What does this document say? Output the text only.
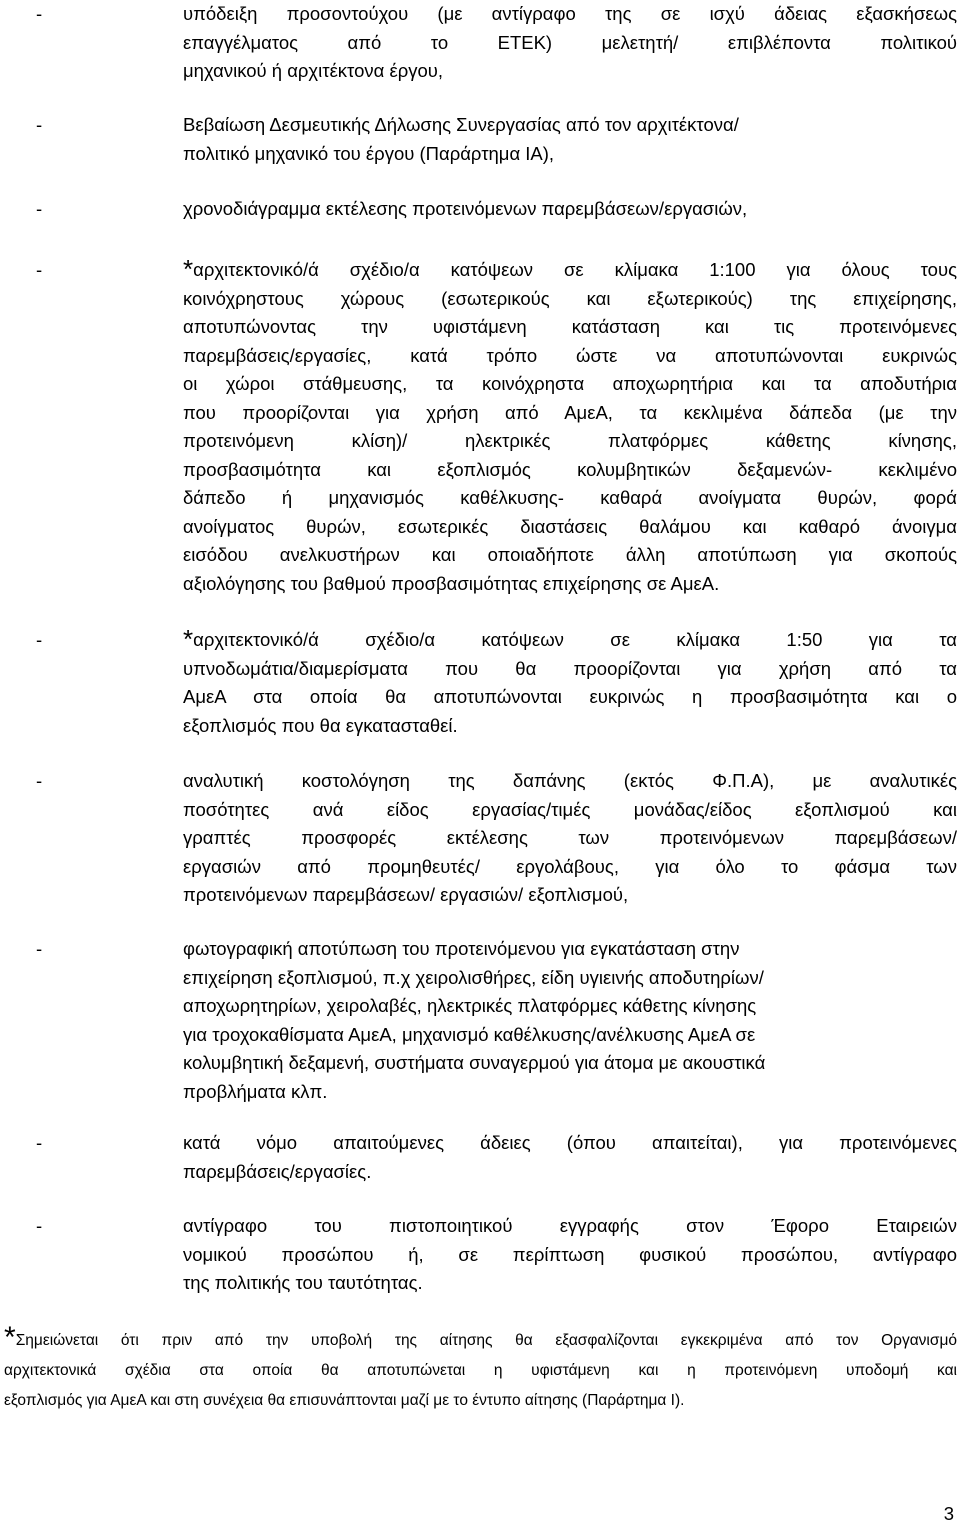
-	υπόδειξη προσοντούχου (με αντίγραφο της σε ισχύ άδειας εξασκήσεως
επαγγέλματος από το ΕΤΕΚ) μελετητή/ επιβλέποντα πολιτικού
μηχανικού ή αρχιτέκτονα έργου,
-	Βεβαίωση Δεσμευτικής Δήλωσης Συνεργασίας από τον αρχιτέκτονα/
πολιτικό μηχανικό του έργου (Παράρτημα ΙΑ),
-	χρονοδιάγραμμα εκτέλεσης προτεινόμενων παρεμβάσεων/εργασιών,
-	*αρχιτεκτονικό/ά σχέδιο/α κατόψεων σε κλίμακα 1:100 για όλους τους
κοινόχρηστους χώρους (εσωτερικούς και εξωτερικούς) της επιχείρησης,
αποτυπώνοντας την υφιστάμενη κατάσταση και τις προτεινόμενες
παρεμβάσεις/εργασίες, κατά τρόπο ώστε να αποτυπώνονται ευκρινώς
οι χώροι στάθμευσης, τα κοινόχρηστα αποχωρητήρια και τα αποδυτήρια
που προορίζονται για χρήση από ΑμεΑ, τα κεκλιμένα δάπεδα (με την
προτεινόμενη κλίση)/ ηλεκτρικές πλατφόρμες κάθετης κίνησης,
προσβασιμότητα και εξοπλισμός κολυμβητικών δεξαμενών- κεκλιμένο
δάπεδο ή μηχανισμός καθέλκυσης- καθαρά ανοίγματα θυρών, φορά
ανοίγματος θυρών, εσωτερικές διαστάσεις θαλάμου και καθαρό άνοιγμα
εισόδου ανελκυστήρων και οποιαδήποτε άλλη αποτύπωση για σκοπούς
αξιολόγησης του βαθμού προσβασιμότητας επιχείρησης σε ΑμεΑ.
-	*αρχιτεκτονικό/ά σχέδιο/α κατόψεων σε κλίμακα 1:50 για τα
υπνοδωμάτια/διαμερίσματα που θα προορίζονται για χρήση από τα
ΑμεΑ στα οποία θα αποτυπώνονται ευκρινώς η προσβασιμότητα και ο
εξοπλισμός που θα εγκατασταθεί.
-	αναλυτική κοστολόγηση της δαπάνης (εκτός Φ.Π.Α), με αναλυτικές
ποσότητες ανά είδος εργασίας/τιμές μονάδας/είδος εξοπλισμού και
γραπτές προσφορές εκτέλεσης των προτεινόμενων παρεμβάσεων/
εργασιών από προμηθευτές/ εργολάβους, για όλο το φάσμα των
προτεινόμενων παρεμβάσεων/ εργασιών/ εξοπλισμού,
-	φωτογραφική αποτύπωση του προτεινόμενου για εγκατάσταση στην
επιχείρηση εξοπλισμού, π.χ χειρολισθήρες, είδη υγιεινής αποδυτηρίων/
αποχωρητηρίων, χειρολαβές, ηλεκτρικές πλατφόρμες κάθετης κίνησης
για τροχοκαθίσματα ΑμεΑ, μηχανισμό καθέλκυσης/ανέλκυσης ΑμεΑ σε
κολυμβητική δεξαμενή, συστήματα συναγερμού για άτομα με ακουστικά
προβλήματα κλπ.
-	κατά νόμο απαιτούμενες άδειες (όπου απαιτείται), για προτεινόμενες
παρεμβάσεις/εργασίες.
-	αντίγραφο του πιστοποιητικού εγγραφής στον Έφορο Εταιρειών
νομικού προσώπου ή, σε περίπτωση φυσικού προσώπου, αντίγραφο
της πολιτικής του ταυτότητας.
*Σημειώνεται ότι πριν από την υποβολή της αίτησης θα εξασφαλίζονται εγκεκριμένα από τον Οργανισμό
αρχιτεκτονικά σχέδια στα οποία θα αποτυπώνεται η υφιστάμενη και η προτεινόμενη υποδομή και
εξοπλισμός για ΑμεΑ και στη συνέχεια θα επισυνάπτονται μαζί με το έντυπο αίτησης (Παράρτημα Ι).
3
